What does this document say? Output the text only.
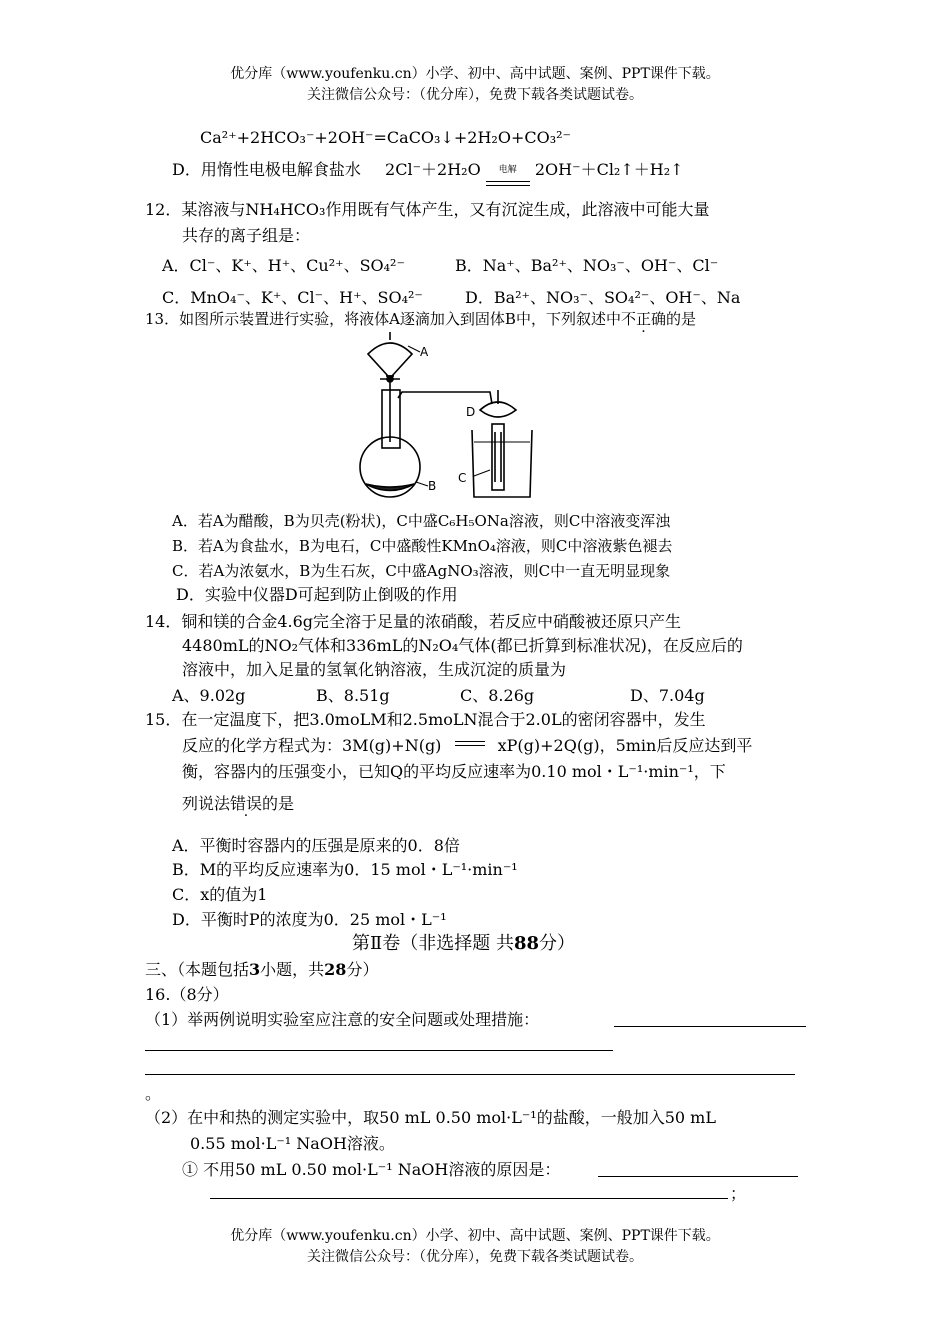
优分库（www.youfenku.cn）小学、初中、高中试题、案例、PPT课件下载。
关注微信公众号：（优分库），免费下载各类试题试卷。
Ca²⁺+2HCO₃⁻+2OH⁻=CaCO₃↓+2H₂O+CO₃²⁻
D．用惰性电极电解食盐水 2Cl⁻＋2H₂O	电解	2OH⁻＋Cl₂↑＋H₂↑
12．某溶液与NH₄HCO₃作用既有气体产生，又有沉淀生成，此溶液中可能大量
共存的离子组是：
A．Cl⁻、K⁺、H⁺、Cu²⁺、SO₄²⁻	B．Na⁺、Ba²⁺、NO₃⁻、OH⁻、Cl⁻
C．MnO₄⁻、K⁺、Cl⁻、H⁺、SO₄²⁻	D．Ba²⁺、NO₃⁻、SO₄²⁻、OH⁻、Na
13．如图所示装置进行实验，将液体A逐滴加入到固体B中，下列叙述中不正确的是
A
B
C
D
A．若A为醋酸，B为贝壳(粉状)，C中盛C₆H₅ONa溶液，则C中溶液变浑浊
B．若A为食盐水，B为电石，C中盛酸性KMnO₄溶液，则C中溶液紫色褪去
C．若A为浓氨水，B为生石灰，C中盛AgNO₃溶液，则C中一直无明显现象
D．实验中仪器D可起到防止倒吸的作用
14．铜和镁的合金4.6g完全溶于足量的浓硝酸，若反应中硝酸被还原只产生
4480mL的NO₂气体和336mL的N₂O₄气体(都已折算到标准状况)，在反应后的
溶液中，加入足量的氢氧化钠溶液，生成沉淀的质量为
A、9.02g	B、8.51g	C、8.26g	D、7.04g
15．在一定温度下，把3.0moLM和2.5moLN混合于2.0L的密闭容器中，发生
反应的化学方程式为：3M(g)+N(g)	xP(g)+2Q(g)，5min后反应达到平
衡，容器内的压强变小，已知Q的平均反应速率为0.10 mol・L⁻¹·min⁻¹，下
列说法错误的是
A．平衡时容器内的压强是原来的0．8倍
B．M的平均反应速率为0．15 mol・L⁻¹·min⁻¹
C．x的值为1
D．平衡时P的浓度为0．25 mol・L⁻¹
第Ⅱ卷（非选择题 共88分）
三、（本题包括3小题，共28分）
16.（8分）
（1）举两例说明实验室应注意的安全问题或处理措施：
。
（2）在中和热的测定实验中，取50 mL 0.50 mol·L⁻¹的盐酸，一般加入50 mL
0.55 mol·L⁻¹ NaOH溶液。
① 不用50 mL 0.50 mol·L⁻¹ NaOH溶液的原因是：
；
优分库（www.youfenku.cn）小学、初中、高中试题、案例、PPT课件下载。
关注微信公众号：（优分库），免费下载各类试题试卷。
